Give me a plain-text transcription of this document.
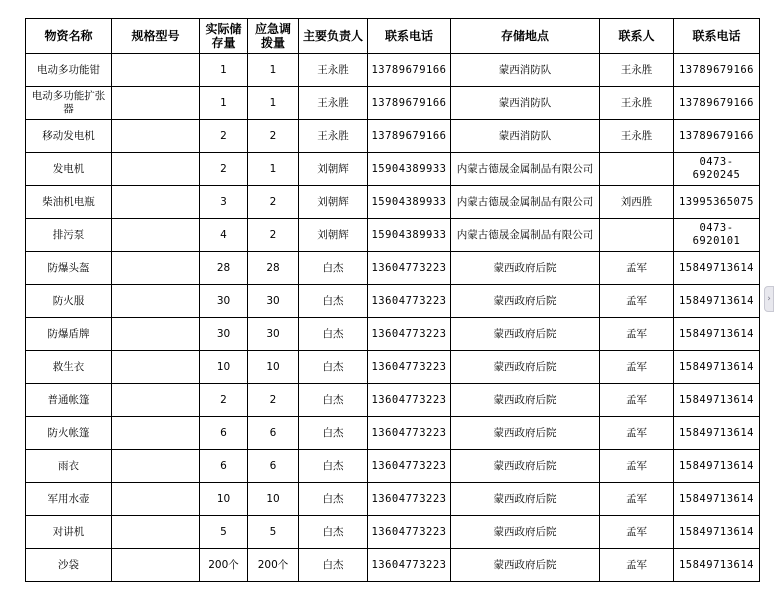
物资名称	规格型号	实际储存量	应急调拨量	主要负责人	联系电话	存储地点	联系人	联系电话
电动多功能钳		1	1	王永胜	13789679166	蒙西消防队	王永胜	13789679166
电动多功能扩张器		1	1	王永胜	13789679166	蒙西消防队	王永胜	13789679166
移动发电机		2	2	王永胜	13789679166	蒙西消防队	王永胜	13789679166
发电机		2	1	刘朝辉	15904389933	内蒙古德晟金属制品有限公司		0473-6920245
柴油机电瓶		3	2	刘朝辉	15904389933	内蒙古德晟金属制品有限公司	刘西胜	13995365075
排污泵		4	2	刘朝辉	15904389933	内蒙古德晟金属制品有限公司		0473-6920101
防爆头盔		28	28	白杰	13604773223	蒙西政府后院	孟军	15849713614
防火服		30	30	白杰	13604773223	蒙西政府后院	孟军	15849713614
防爆盾牌		30	30	白杰	13604773223	蒙西政府后院	孟军	15849713614
救生衣		10	10	白杰	13604773223	蒙西政府后院	孟军	15849713614
普通帐篷		2	2	白杰	13604773223	蒙西政府后院	孟军	15849713614
防火帐篷		6	6	白杰	13604773223	蒙西政府后院	孟军	15849713614
雨衣		6	6	白杰	13604773223	蒙西政府后院	孟军	15849713614
军用水壶		10	10	白杰	13604773223	蒙西政府后院	孟军	15849713614
对讲机		5	5	白杰	13604773223	蒙西政府后院	孟军	15849713614
沙袋		200个	200个	白杰	13604773223	蒙西政府后院	孟军	15849713614
›
